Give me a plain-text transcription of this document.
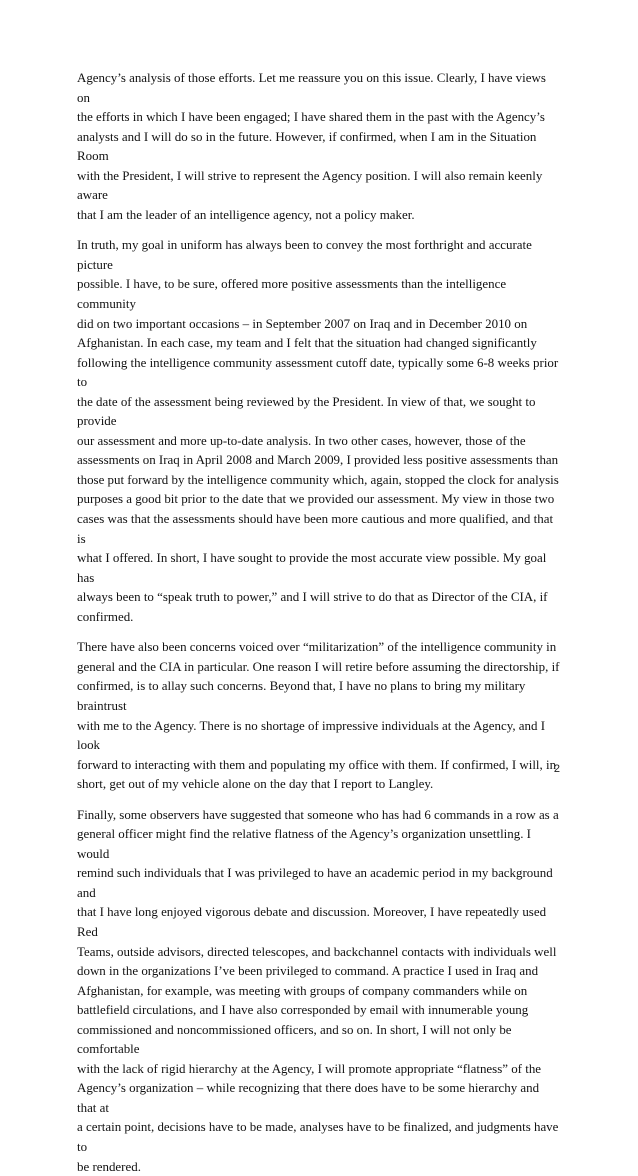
Agency’s analysis of those efforts. Let me reassure you on this issue. Clearly, I have views on
the efforts in which I have been engaged; I have shared them in the past with the Agency’s
analysts and I will do so in the future. However, if confirmed, when I am in the Situation Room
with the President, I will strive to represent the Agency position. I will also remain keenly aware
that I am the leader of an intelligence agency, not a policy maker.

In truth, my goal in uniform has always been to convey the most forthright and accurate picture
possible. I have, to be sure, offered more positive assessments than the intelligence community
did on two important occasions – in September 2007 on Iraq and in December 2010 on
Afghanistan. In each case, my team and I felt that the situation had changed significantly
following the intelligence community assessment cutoff date, typically some 6-8 weeks prior to
the date of the assessment being reviewed by the President. In view of that, we sought to provide
our assessment and more up-to-date analysis. In two other cases, however, those of the
assessments on Iraq in April 2008 and March 2009, I provided less positive assessments than
those put forward by the intelligence community which, again, stopped the clock for analysis
purposes a good bit prior to the date that we provided our assessment. My view in those two
cases was that the assessments should have been more cautious and more qualified, and that is
what I offered. In short, I have sought to provide the most accurate view possible. My goal has
always been to “speak truth to power,” and I will strive to do that as Director of the CIA, if
confirmed.

There have also been concerns voiced over “militarization” of the intelligence community in
general and the CIA in particular. One reason I will retire before assuming the directorship, if
confirmed, is to allay such concerns. Beyond that, I have no plans to bring my military braintrust
with me to the Agency. There is no shortage of impressive individuals at the Agency, and I look
forward to interacting with them and populating my office with them. If confirmed, I will, in
short, get out of my vehicle alone on the day that I report to Langley.

Finally, some observers have suggested that someone who has had 6 commands in a row as a
general officer might find the relative flatness of the Agency’s organization unsettling. I would
remind such individuals that I was privileged to have an academic period in my background and
that I have long enjoyed vigorous debate and discussion. Moreover, I have repeatedly used Red
Teams, outside advisors, directed telescopes, and backchannel contacts with individuals well
down in the organizations I’ve been privileged to command. A practice I used in Iraq and
Afghanistan, for example, was meeting with groups of company commanders while on
battlefield circulations, and I have also corresponded by email with innumerable young
commissioned and noncommissioned officers, and so on. In short, I will not only be comfortable
with the lack of rigid hierarchy at the Agency, I will promote appropriate “flatness” of the
Agency’s organization – while recognizing that there does have to be some hierarchy and that at
a certain point, decisions have to be made, analyses have to be finalized, and judgments have to
be rendered.

2
